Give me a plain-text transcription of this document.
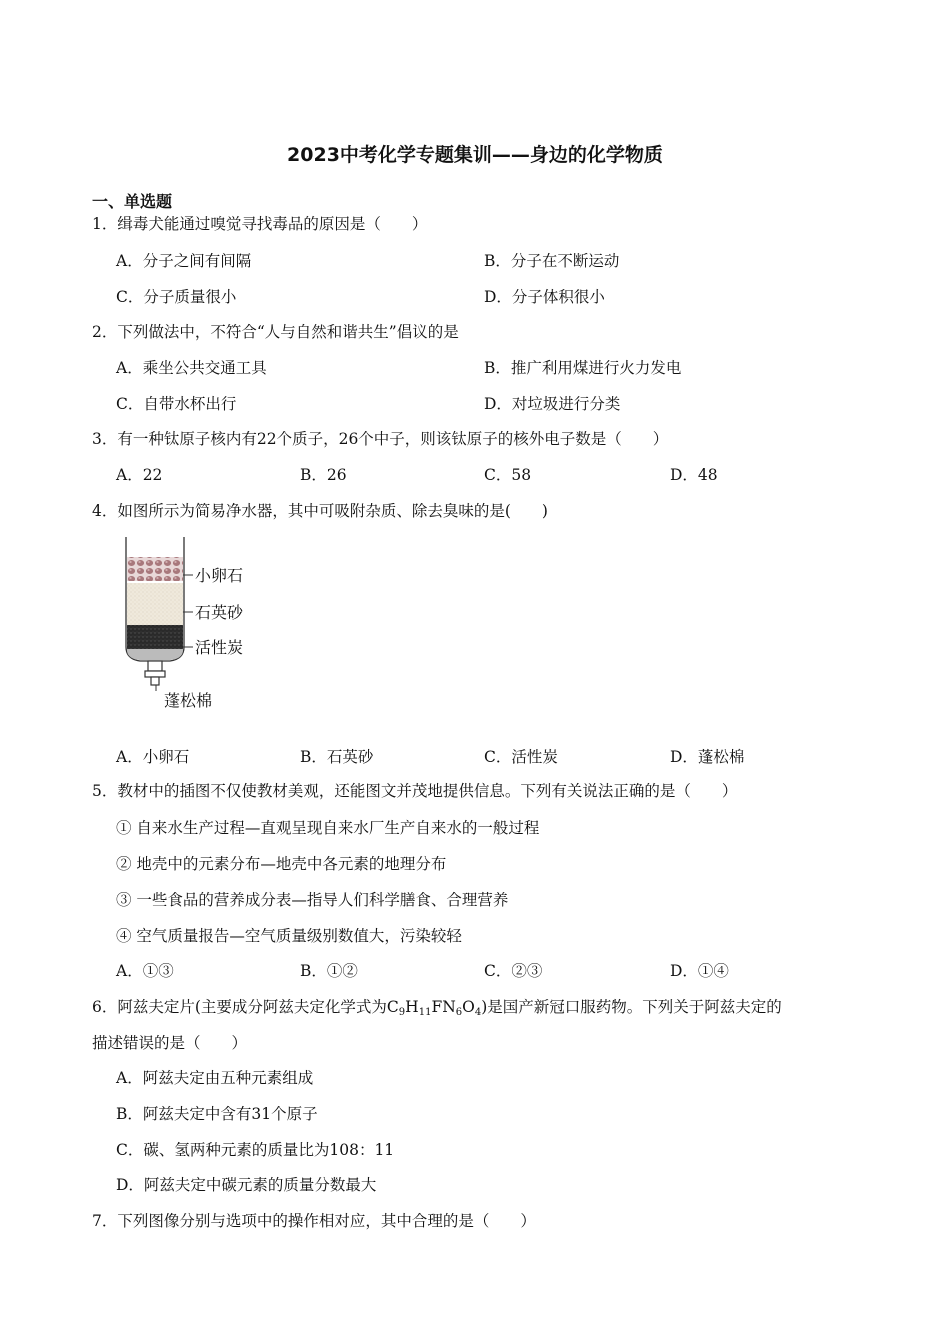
2023中考化学专题集训——身边的化学物质
一、单选题
1．缉毒犬能通过嗅觉寻找毒品的原因是（　　）
A．分子之间有间隔	B．分子在不断运动
C．分子质量很小	D．分子体积很小
2．下列做法中，不符合“人与自然和谐共生”倡议的是
A．乘坐公共交通工具	B．推广利用煤进行火力发电
C．自带水杯出行	D．对垃圾进行分类
3．有一种钛原子核内有22个质子，26个中子，则该钛原子的核外电子数是（　　）
A．22	B．26	C．58	D．48
4．如图所示为简易净水器，其中可吸附杂质、除去臭味的是(　　)
小卵石
石英砂
活性炭
蓬松棉
A．小卵石	B．石英砂	C．活性炭	D．蓬松棉
5．教材中的插图不仅使教材美观，还能图文并茂地提供信息。下列有关说法正确的是（　　）
① 自来水生产过程—直观呈现自来水厂生产自来水的一般过程
② 地壳中的元素分布—地壳中各元素的地理分布
③ 一些食品的营养成分表—指导人们科学膳食、合理营养
④ 空气质量报告—空气质量级别数值大，污染较轻
A．①③	B．①②	C．②③	D．①④
6．阿兹夫定片(主要成分阿兹夫定化学式为$C_9H_{11}FN_6O_4$)是国产新冠口服药物。下列关于阿兹夫定的
描述错误的是（　　）
A．阿兹夫定由五种元素组成
B．阿兹夫定中含有31个原子
C．碳、氢两种元素的质量比为108：11
D．阿兹夫定中碳元素的质量分数最大
7．下列图像分别与选项中的操作相对应，其中合理的是（　　）
